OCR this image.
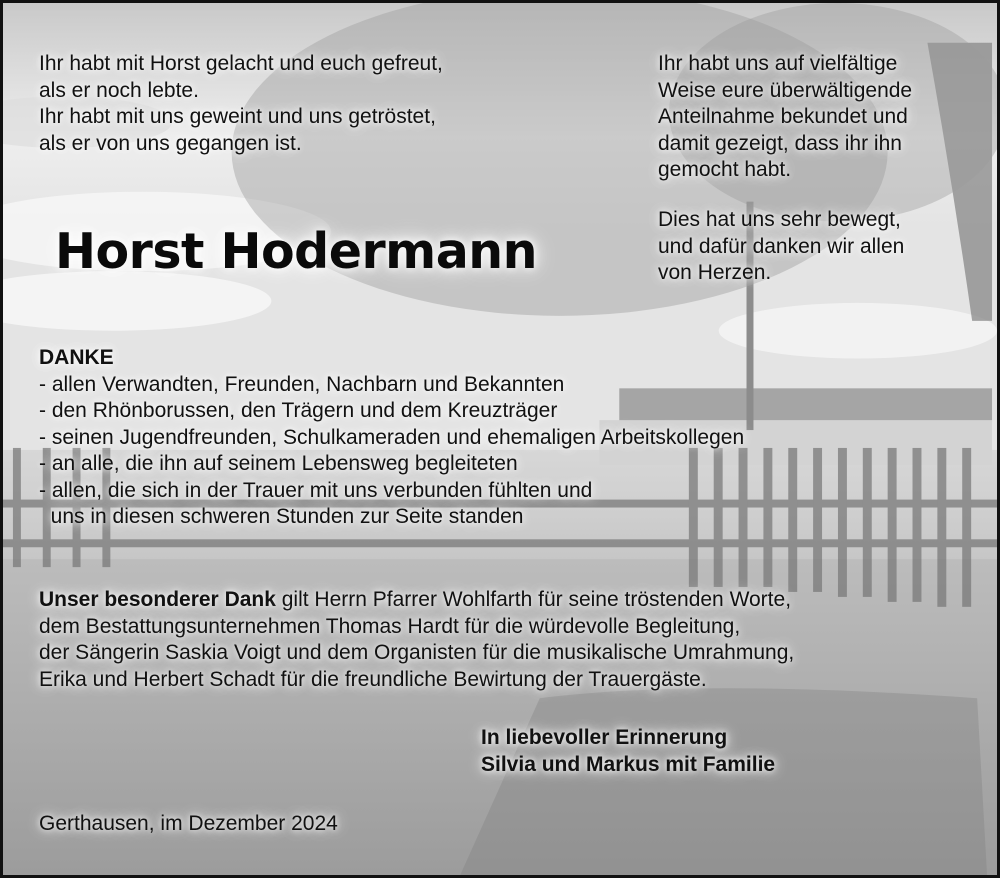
Ihr habt mit Horst gelacht und euch gefreut,
als er noch lebte.
Ihr habt mit uns geweint und uns getröstet,
als er von uns gegangen ist.
Ihr habt uns auf vielfältige
Weise eure überwältigende
Anteilnahme bekundet und
damit gezeigt, dass ihr ihn
gemocht habt.
Dies hat uns sehr bewegt,
und dafür danken wir allen
von Herzen.
Horst Hodermann
DANKE
- allen Verwandten, Freunden, Nachbarn und Bekannten
- den Rhönborussen, den Trägern und dem Kreuzträger
- seinen Jugendfreunden, Schulkameraden und ehemaligen Arbeitskollegen
- an alle, die ihn auf seinem Lebensweg begleiteten
- allen, die sich in der Trauer mit uns verbunden fühlten und
uns in diesen schweren Stunden zur Seite standen
Unser besonderer Dank gilt Herrn Pfarrer Wohlfarth für seine tröstenden Worte,
dem Bestattungsunternehmen Thomas Hardt für die würdevolle Begleitung,
der Sängerin Saskia Voigt und dem Organisten für die musikalische Umrahmung,
Erika und Herbert Schadt für die freundliche Bewirtung der Trauergäste.
In liebevoller Erinnerung
Silvia und Markus mit Familie
Gerthausen, im Dezember 2024
